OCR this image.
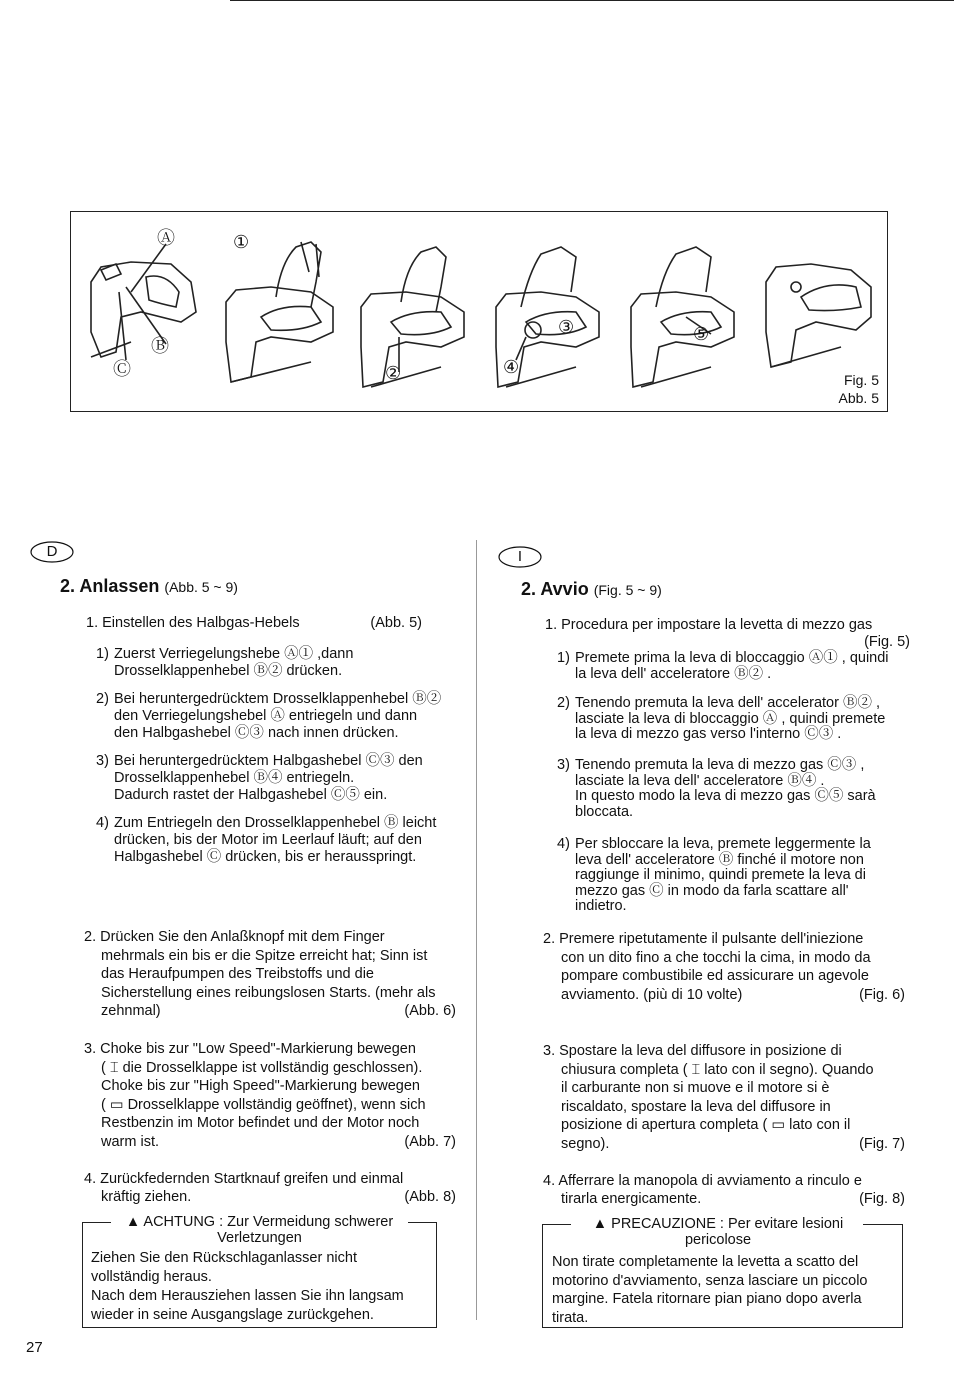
Ⓐ
Ⓑ
Ⓒ
①
②
③
④
⑤
Fig. 5
Abb. 5
D
2. Anlassen (Abb. 5 ~ 9)
1. Einstellen des Halbgas-Hebels	(Abb. 5)
1) Zuerst Verriegelungshebe Ⓐ① ,dann
Drosselklappenhebel Ⓑ② drücken.
2) Bei heruntergedrücktem Drosselklappenhebel Ⓑ②
den Verriegelungshebel Ⓐ entriegeln und dann
den Halbgashebel Ⓒ③ nach innen drücken.
3) Bei heruntergedrücktem Halbgashebel Ⓒ③ den
Drosselklappenhebel Ⓑ④ entriegeln.
Dadurch rastet der Halbgashebel Ⓒ⑤ ein.
4) Zum Entriegeln den Drosselklappenhebel Ⓑ leicht
drücken, bis der Motor im Leerlauf läuft; auf den
Halbgashebel Ⓒ drücken, bis er herausspringt.
2. Drücken Sie den Anlaßknopf mit dem Finger
mehrmals ein bis er die Spitze erreicht hat; Sinn ist
das Heraufpumpen des Treibstoffs und die
Sicherstellung eines reibungslosen Starts. (mehr als
zehnmal)	(Abb. 6)
3. Choke bis zur "Low Speed"-Markierung bewegen
( ⌶ die Drosselklappe ist vollständig geschlossen).
Choke bis zur "High Speed"-Markierung bewegen
( ▭ Drosselklappe vollständig geöffnet), wenn sich
Restbenzin im Motor befindet und der Motor noch
warm ist.	(Abb. 7)
4. Zurückfedernden Startknauf greifen und einmal
kräftig ziehen.	(Abb. 8)
▲ ACHTUNG : Zur Vermeidung schwerer
Verletzungen
Ziehen Sie den Rückschlaganlasser nicht
vollständig heraus.
Nach dem Herausziehen lassen Sie ihn langsam
wieder in seine Ausgangslage zurückgehen.
I
2. Avvio (Fig. 5 ~ 9)
1. Procedura per impostare la levetta di mezzo gas
(Fig. 5)
1) Premete prima la leva di bloccaggio Ⓐ① , quindi
la leva dell' acceleratore Ⓑ② .
2) Tenendo premuta la leva dell' accelerator Ⓑ② ,
lasciate la leva di bloccaggio Ⓐ , quindi premete
la leva di mezzo gas verso l'interno Ⓒ③ .
3) Tenendo premuta la leva di mezzo gas Ⓒ③ ,
lasciate la leva dell' acceleratore Ⓑ④ .
In questo modo la leva di mezzo gas Ⓒ⑤ sarà
bloccata.
4) Per sbloccare la leva, premete leggermente la
leva dell' acceleratore Ⓑ finché il motore non
raggiunge il minimo, quindi premete la leva di
mezzo gas Ⓒ in modo da farla scattare all'
indietro.
2. Premere ripetutamente il pulsante dell'iniezione
con un dito fino a che tocchi la cima, in modo da
pompare combustibile ed assicurare un agevole
avviamento. (più di 10 volte)	(Fig. 6)
3. Spostare la leva del diffusore in posizione di
chiusura completa ( ⌶ lato con il segno). Quando
il carburante non si muove e il motore si è
riscaldato, spostare la leva del diffusore in
posizione di apertura completa ( ▭ lato con il
segno).	(Fig. 7)
4. Afferrare la manopola di avviamento a rinculo e
tirarla energicamente.	(Fig. 8)
▲ PRECAUZIONE : Per evitare lesioni
pericolose
Non tirate completamente la levetta a scatto del
motorino d'avviamento, senza lasciare un piccolo
margine. Fatela ritornare pian piano dopo averla
tirata.
27
